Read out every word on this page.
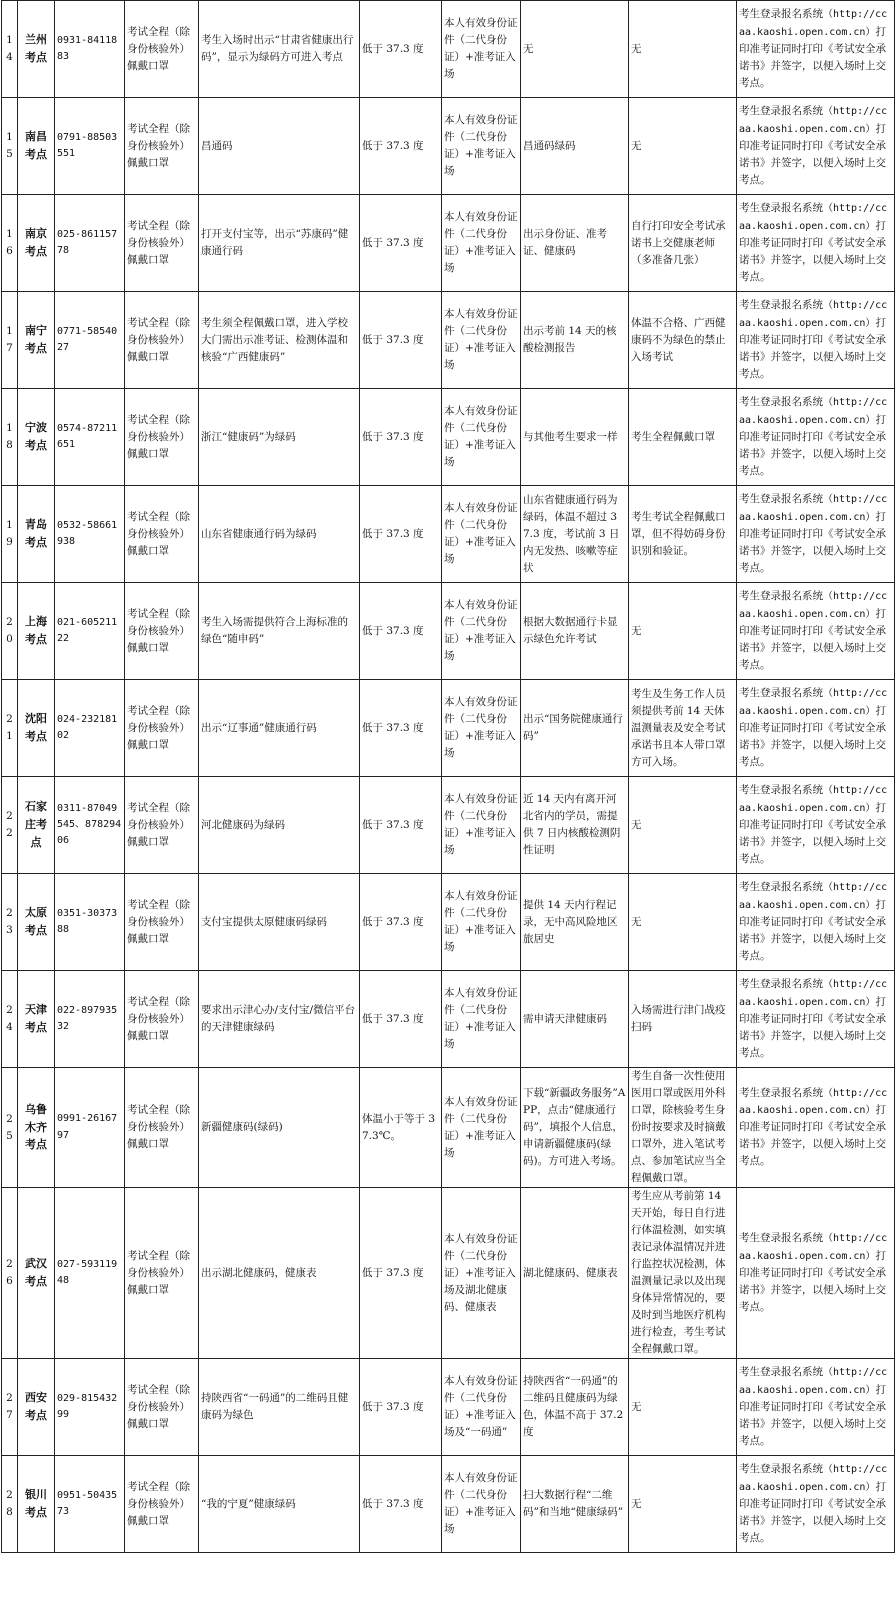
14	兰州考点	0931-8411883	考试全程（除身份核验外）佩戴口罩	考生入场时出示“甘肃省健康出行码”，显示为绿码方可进入考点	低于 37.3 度	本人有效身份证件（二代身份证）+准考证入场	无	无	考生登录报名系统（http://ccaa.kaoshi.open.com.cn）打印准考证同时打印《考试安全承诺书》并签字，以便入场时上交考点。
15	南昌考点	0791-88503551	考试全程（除身份核验外）佩戴口罩	昌通码	低于 37.3 度	本人有效身份证件（二代身份证）+准考证入场	昌通码绿码	无	考生登录报名系统（http://ccaa.kaoshi.open.com.cn）打印准考证同时打印《考试安全承诺书》并签字，以便入场时上交考点。
16	南京考点	025-86115778	考试全程（除身份核验外）佩戴口罩	打开支付宝等，出示“苏康码”健康通行码	低于 37.3 度	本人有效身份证件（二代身份证）+准考证入场	出示身份证、准考证、健康码	自行打印安全考试承诺书上交健康老师（多准备几张）	考生登录报名系统（http://ccaa.kaoshi.open.com.cn）打印准考证同时打印《考试安全承诺书》并签字，以便入场时上交考点。
17	南宁考点	0771-5854027	考试全程（除身份核验外）佩戴口罩	考生须全程佩戴口罩，进入学校大门需出示准考证、检测体温和核验“广西健康码”	低于 37.3 度	本人有效身份证件（二代身份证）+准考证入场	出示考前 14 天的核酸检测报告	体温不合格、广西健康码不为绿色的禁止入场考试	考生登录报名系统（http://ccaa.kaoshi.open.com.cn）打印准考证同时打印《考试安全承诺书》并签字，以便入场时上交考点。
18	宁波考点	0574-87211651	考试全程（除身份核验外）佩戴口罩	浙江“健康码”为绿码	低于 37.3 度	本人有效身份证件（二代身份证）+准考证入场	与其他考生要求一样	考生全程佩戴口罩	考生登录报名系统（http://ccaa.kaoshi.open.com.cn）打印准考证同时打印《考试安全承诺书》并签字，以便入场时上交考点。
19	青岛考点	0532-58661938	考试全程（除身份核验外）佩戴口罩	山东省健康通行码为绿码	低于 37.3 度	本人有效身份证件（二代身份证）+准考证入场	山东省健康通行码为绿码，体温不超过 37.3 度，考试前 3 日内无发热、咳嗽等症状	考生考试全程佩戴口罩，但不得妨碍身份识别和验证。	考生登录报名系统（http://ccaa.kaoshi.open.com.cn）打印准考证同时打印《考试安全承诺书》并签字，以便入场时上交考点。
20	上海考点	021-60521122	考试全程（除身份核验外）佩戴口罩	考生入场需提供符合上海标准的绿色“随申码”	低于 37.3 度	本人有效身份证件（二代身份证）+准考证入场	根据大数据通行卡显示绿色允许考试	无	考生登录报名系统（http://ccaa.kaoshi.open.com.cn）打印准考证同时打印《考试安全承诺书》并签字，以便入场时上交考点。
21	沈阳考点	024-23218102	考试全程（除身份核验外）佩戴口罩	出示“辽事通”健康通行码	低于 37.3 度	本人有效身份证件（二代身份证）+准考证入场	出示“国务院健康通行码”	考生及生务工作人员须提供考前 14 天体温测量表及安全考试承诺书且本人带口罩方可入场。	考生登录报名系统（http://ccaa.kaoshi.open.com.cn）打印准考证同时打印《考试安全承诺书》并签字，以便入场时上交考点。
22	石家庄考点	0311-87049545、87829406	考试全程（除身份核验外）佩戴口罩	河北健康码为绿码	低于 37.3 度	本人有效身份证件（二代身份证）+准考证入场	近 14 天内有离开河北省内的学员，需提供 7 日内核酸检测阴性证明	无	考生登录报名系统（http://ccaa.kaoshi.open.com.cn）打印准考证同时打印《考试安全承诺书》并签字，以便入场时上交考点。
23	太原考点	0351-3037388	考试全程（除身份核验外）佩戴口罩	支付宝提供太原健康码绿码	低于 37.3 度	本人有效身份证件（二代身份证）+准考证入场	提供 14 天内行程记录，无中高风险地区旅居史	无	考生登录报名系统（http://ccaa.kaoshi.open.com.cn）打印准考证同时打印《考试安全承诺书》并签字，以便入场时上交考点。
24	天津考点	022-89793532	考试全程（除身份核验外）佩戴口罩	要求出示津心办/支付宝/微信平台的天津健康绿码	低于 37.3 度	本人有效身份证件（二代身份证）+准考证入场	需申请天津健康码	入场需进行津门战疫扫码	考生登录报名系统（http://ccaa.kaoshi.open.com.cn）打印准考证同时打印《考试安全承诺书》并签字，以便入场时上交考点。
25	乌鲁木齐考点	0991-2616797	考试全程（除身份核验外）佩戴口罩	新疆健康码(绿码)	体温小于等于 37.3℃。	本人有效身份证件（二代身份证）+准考证入场	下载“新疆政务服务”APP，点击“健康通行码”，填报个人信息，申请新疆健康码(绿码)。方可进入考场。	考生自备一次性使用医用口罩或医用外科口罩，除核验考生身份时按要求及时摘戴口罩外，进入笔试考点、参加笔试应当全程佩戴口罩。	考生登录报名系统（http://ccaa.kaoshi.open.com.cn）打印准考证同时打印《考试安全承诺书》并签字，以便入场时上交考点。
26	武汉考点	027-59311948	考试全程（除身份核验外）佩戴口罩	出示湖北健康码，健康表	低于 37.3 度	本人有效身份证件（二代身份证）+准考证入场及湖北健康码、健康表	湖北健康码、健康表	考生应从考前第 14 天开始，每日自行进行体温检测，如实填表记录体温情况并进行监控状况检测，体温测量记录以及出现身体异常情况的，要及时到当地医疗机构进行检查，考生考试全程佩戴口罩。	考生登录报名系统（http://ccaa.kaoshi.open.com.cn）打印准考证同时打印《考试安全承诺书》并签字，以便入场时上交考点。
27	西安考点	029-81543299	考试全程（除身份核验外）佩戴口罩	持陕西省“一码通”的二维码且健康码为绿色	低于 37.3 度	本人有效身份证件（二代身份证）+准考证入场及“一码通”	持陕西省“一码通”的二维码且健康码为绿色，体温不高于 37.2 度	无	考生登录报名系统（http://ccaa.kaoshi.open.com.cn）打印准考证同时打印《考试安全承诺书》并签字，以便入场时上交考点。
28	银川考点	0951-5043573	考试全程（除身份核验外）佩戴口罩	“我的宁夏”健康绿码	低于 37.3 度	本人有效身份证件（二代身份证）+准考证入场	扫大数据行程“二维码”和当地“健康绿码”	无	考生登录报名系统（http://ccaa.kaoshi.open.com.cn）打印准考证同时打印《考试安全承诺书》并签字，以便入场时上交考点。
